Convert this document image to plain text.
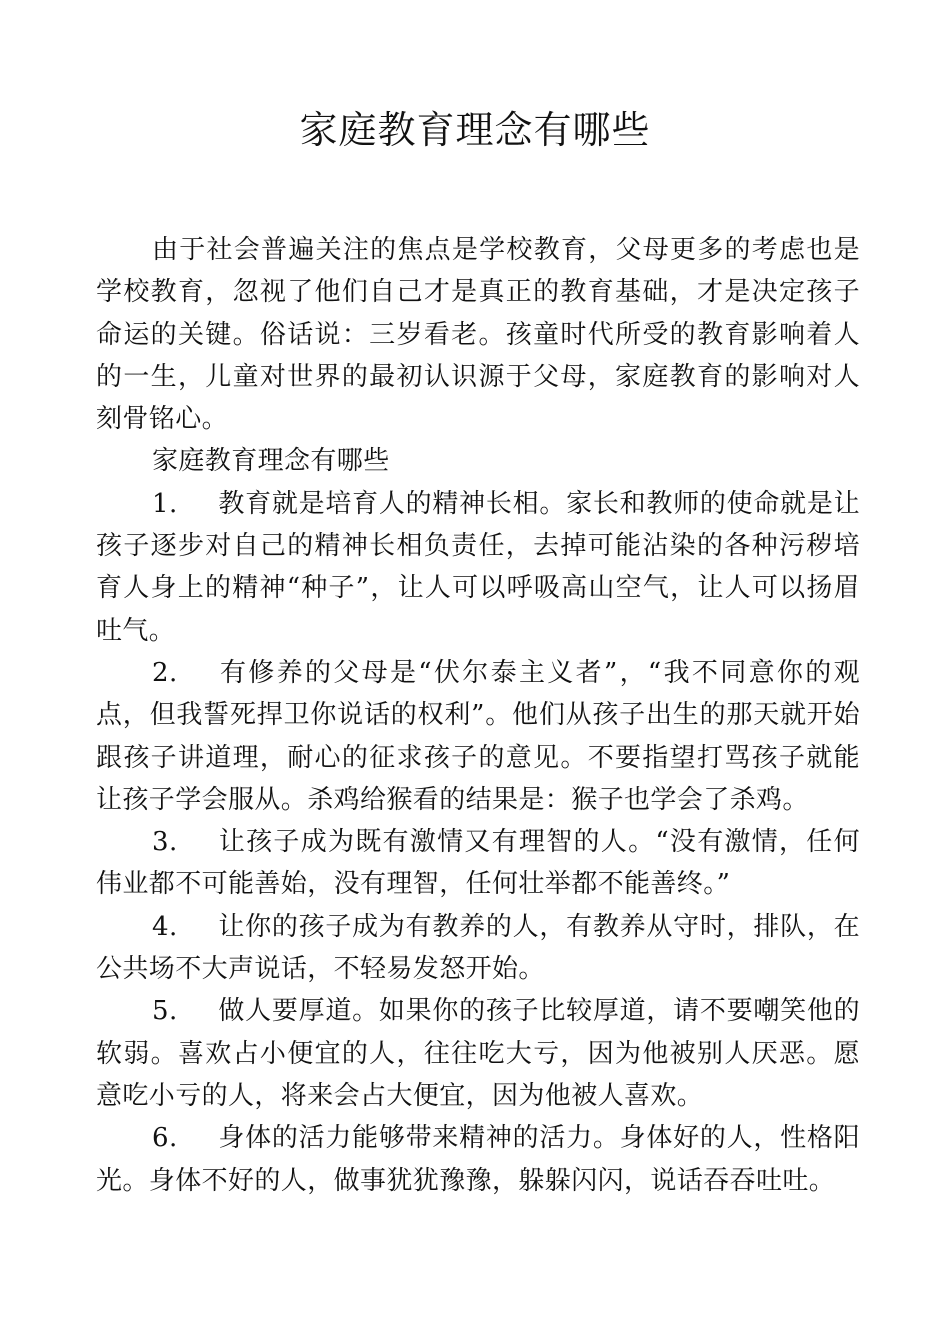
家庭教育理念有哪些

由于社会普遍关注的焦点是学校教育，父母更多的考虑也是学校教育，忽视了他们自己才是真正的教育基础，才是决定孩子命运的关键。俗话说：三岁看老。孩童时代所受的教育影响着人的一生，儿童对世界的最初认识源于父母，家庭教育的影响对人刻骨铭心。

家庭教育理念有哪些

1. 教育就是培育人的精神长相。家长和教师的使命就是让孩子逐步对自己的精神长相负责任，去掉可能沾染的各种污秽培育人身上的精神“种子”，让人可以呼吸高山空气，让人可以扬眉吐气。

2. 有修养的父母是“伏尔泰主义者”，“我不同意你的观点，但我誓死捍卫你说话的权利”。他们从孩子出生的那天就开始跟孩子讲道理，耐心的征求孩子的意见。不要指望打骂孩子就能让孩子学会服从。杀鸡给猴看的结果是：猴子也学会了杀鸡。

3. 让孩子成为既有激情又有理智的人。“没有激情，任何伟业都不可能善始，没有理智，任何壮举都不能善终。”

4. 让你的孩子成为有教养的人，有教养从守时，排队，在公共场不大声说话，不轻易发怒开始。

5. 做人要厚道。如果你的孩子比较厚道，请不要嘲笑他的软弱。喜欢占小便宜的人，往往吃大亏，因为他被别人厌恶。愿意吃小亏的人，将来会占大便宜，因为他被人喜欢。

6. 身体的活力能够带来精神的活力。身体好的人，性格阳光。身体不好的人，做事犹犹豫豫，躲躲闪闪，说话吞吞吐吐。
